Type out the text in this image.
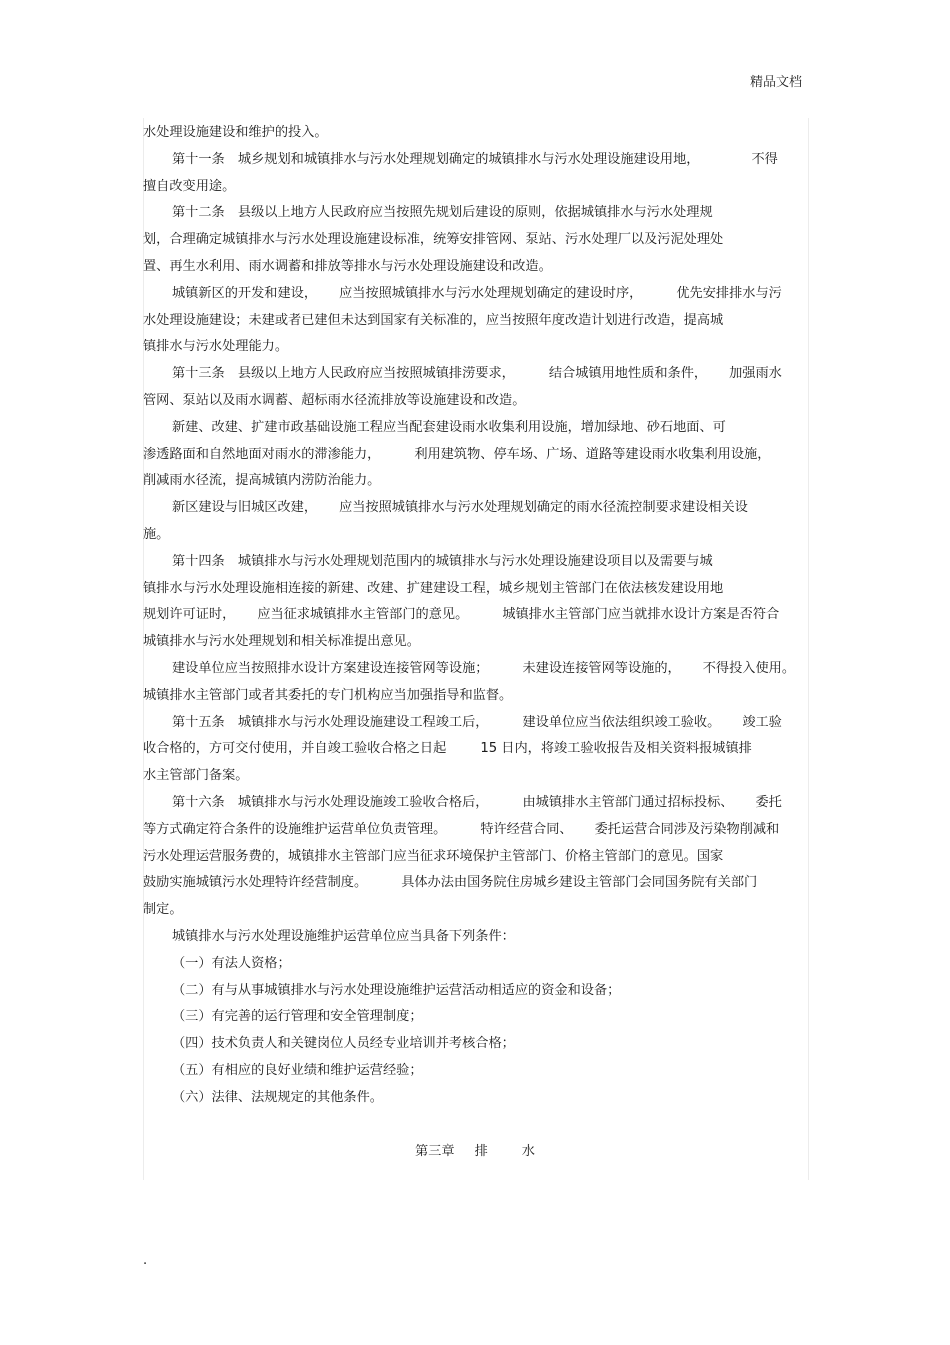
精品文档
水处理设施建设和维护的投入。
第十一条　城乡规划和城镇排水与污水处理规划确定的城镇排水与污水处理设施建设用地，	不得
擅自改变用途。
第十二条　县级以上地方人民政府应当按照先规划后建设的原则，依据城镇排水与污水处理规
划，合理确定城镇排水与污水处理设施建设标准，统筹安排管网、泵站、污水处理厂以及污泥处理处
置、再生水利用、雨水调蓄和排放等排水与污水处理设施建设和改造。
城镇新区的开发和建设， 应当按照城镇排水与污水处理规划确定的建设时序，	优先安排排水与污
水处理设施建设；未建或者已建但未达到国家有关标准的，应当按照年度改造计划进行改造，提高城
镇排水与污水处理能力。
第十三条　县级以上地方人民政府应当按照城镇排涝要求，	结合城镇用地性质和条件， 加强雨水
管网、泵站以及雨水调蓄、超标雨水径流排放等设施建设和改造。
新建、改建、扩建市政基础设施工程应当配套建设雨水收集利用设施，增加绿地、砂石地面、可
渗透路面和自然地面对雨水的滞渗能力，	利用建筑物、停车场、广场、道路等建设雨水收集利用设施，
削减雨水径流，提高城镇内涝防治能力。
新区建设与旧城区改建， 应当按照城镇排水与污水处理规划确定的雨水径流控制要求建设相关设
施。
第十四条　城镇排水与污水处理规划范围内的城镇排水与污水处理设施建设项目以及需要与城
镇排水与污水处理设施相连接的新建、改建、扩建建设工程，城乡规划主管部门在依法核发建设用地
规划许可证时， 应当征求城镇排水主管部门的意见。	城镇排水主管部门应当就排水设计方案是否符合
城镇排水与污水处理规划和相关标准提出意见。
建设单位应当按照排水设计方案建设连接管网等设施；	未建设连接管网等设施的， 不得投入使用。
城镇排水主管部门或者其委托的专门机构应当加强指导和监督。
第十五条　城镇排水与污水处理设施建设工程竣工后，	建设单位应当依法组织竣工验收。 竣工验
收合格的，方可交付使用，并自竣工验收合格之日起	15 日内，将竣工验收报告及相关资料报城镇排
水主管部门备案。
第十六条　城镇排水与污水处理设施竣工验收合格后，	由城镇排水主管部门通过招标投标、 委托
等方式确定符合条件的设施维护运营单位负责管理。	特许经营合同、 委托运营合同涉及污染物削减和
污水处理运营服务费的，城镇排水主管部门应当征求环境保护主管部门、价格主管部门的意见。国家
鼓励实施城镇污水处理特许经营制度。	具体办法由国务院住房城乡建设主管部门会同国务院有关部门
制定。
城镇排水与污水处理设施维护运营单位应当具备下列条件：
（一）有法人资格；
（二）有与从事城镇排水与污水处理设施维护运营活动相适应的资金和设备；
（三）有完善的运行管理和安全管理制度；
（四）技术负责人和关键岗位人员经专业培训并考核合格；
（五）有相应的良好业绩和维护运营经验；
（六）法律、法规规定的其他条件。
第三章 排	水
.
